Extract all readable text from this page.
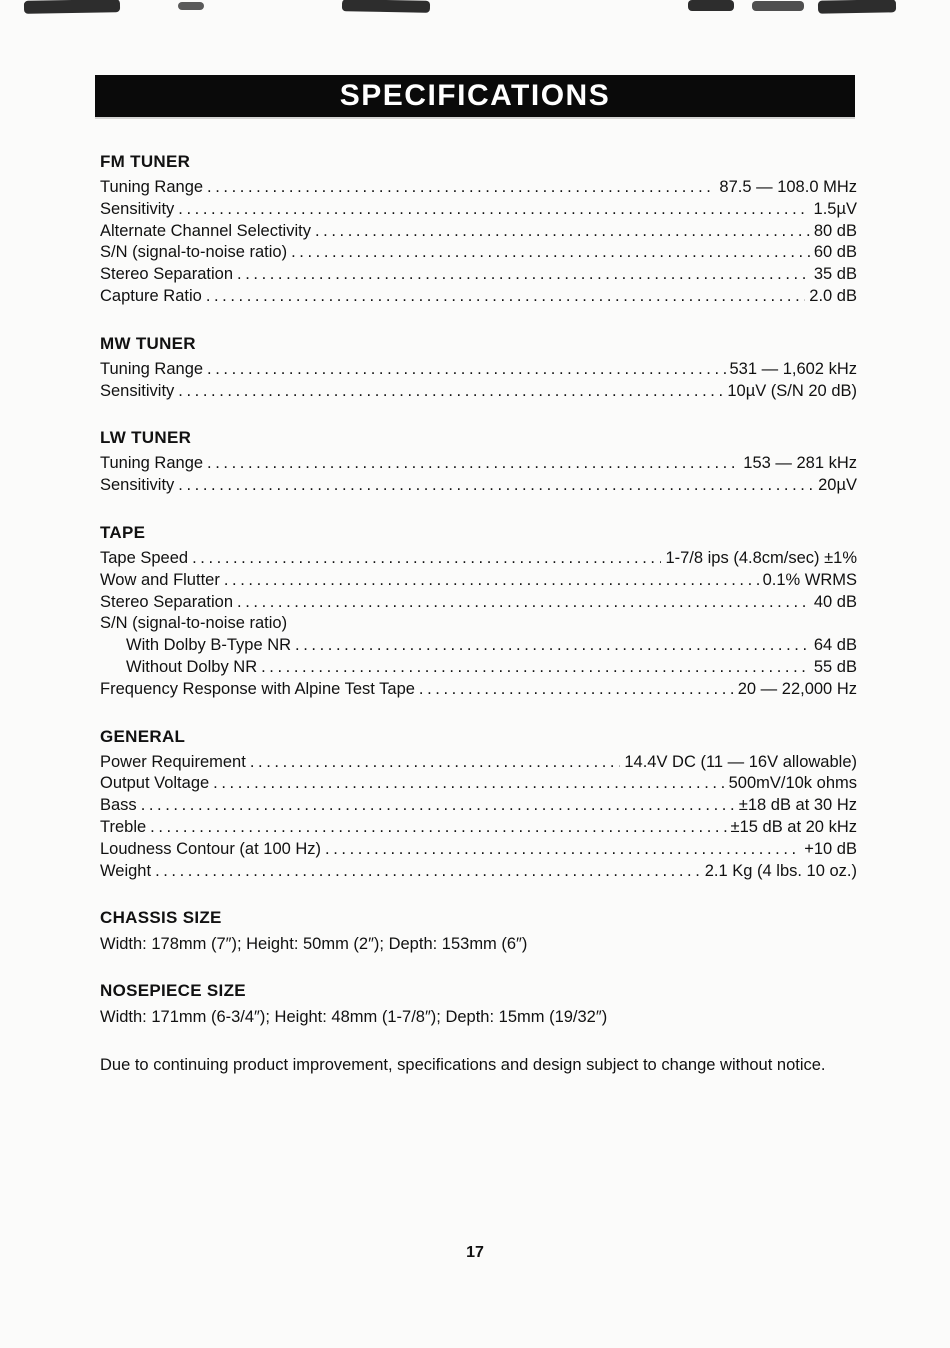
SPECIFICATIONS
FM TUNER
Tuning Range .....	87.5 — 108.0 MHz
Sensitivity .....	1.5µV
Alternate Channel Selectivity .....	80 dB
S/N (signal-to-noise ratio) .....	60 dB
Stereo Separation .....	35 dB
Capture Ratio .....	2.0 dB
MW TUNER
Tuning Range .....	531 — 1,602 kHz
Sensitivity .....	10µV (S/N 20 dB)
LW TUNER
Tuning Range .....	153 — 281 kHz
Sensitivity .....	20µV
TAPE
Tape Speed .....	1-7/8 ips (4.8cm/sec) ±1%
Wow and Flutter .....	0.1% WRMS
Stereo Separation .....	40 dB
S/N (signal-to-noise ratio)
With Dolby B-Type NR .....	64 dB
Without Dolby NR .....	55 dB
Frequency Response with Alpine Test Tape .....	20 — 22,000 Hz
GENERAL
Power Requirement .....	14.4V DC (11 — 16V allowable)
Output Voltage .....	500mV/10k ohms
Bass .....	±18 dB at 30 Hz
Treble .....	±15 dB at 20 kHz
Loudness Contour (at 100 Hz) .....	+10 dB
Weight .....	2.1 Kg (4 lbs. 10 oz.)
CHASSIS SIZE

Width: 178mm (7″); Height: 50mm (2″); Depth: 153mm (6″)

NOSEPIECE SIZE

Width: 171mm (6-3/4″); Height: 48mm (1-7/8″); Depth: 15mm (19/32″)

Due to continuing product improvement, specifications and design subject to change without notice.

17
